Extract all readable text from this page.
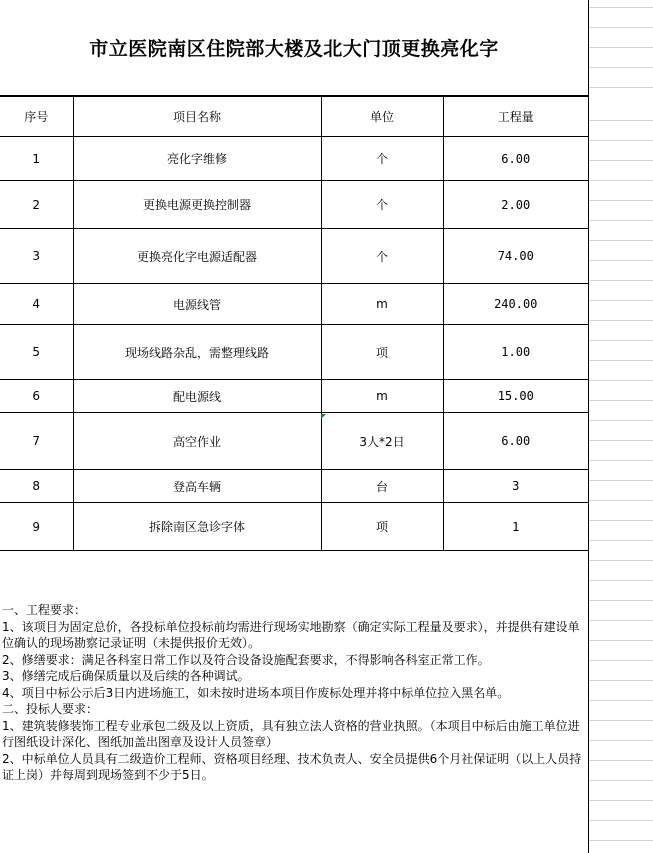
市立医院南区住院部大楼及北大门顶更换亮化字
序号	项目名称	单位	工程量
1	亮化字维修	个	6.00
2	更换电源更换控制器	个	2.00
3	更换亮化字电源适配器	个	74.00
4	电源线管	m	240.00
5	现场线路杂乱，需整理线路	项	1.00
6	配电源线	m	15.00
7	高空作业	3人*2日	6.00
8	登高车辆	台	3
9	拆除南区急诊字体	项	1

一、工程要求：

1、该项目为固定总价，各投标单位投标前均需进行现场实地勘察（确定实际工程量及要求），并提供有建设单位确认的现场勘察记录证明（未提供报价无效）。

2、修缮要求：满足各科室日常工作以及符合设备设施配套要求，不得影响各科室正常工作。

3、修缮完成后确保质量以及后续的各种调试。

4、项目中标公示后3日内进场施工，如未按时进场本项目作废标处理并将中标单位拉入黑名单。

二、投标人要求：

1、建筑装修装饰工程专业承包二级及以上资质，具有独立法人资格的营业执照。（本项目中标后由施工单位进行图纸设计深化、图纸加盖出图章及设计人员签章）

2、中标单位人员具有二级造价工程师、资格项目经理、技术负责人、安全员提供6个月社保证明（以上人员持证上岗）并每周到现场签到不少于5日。
